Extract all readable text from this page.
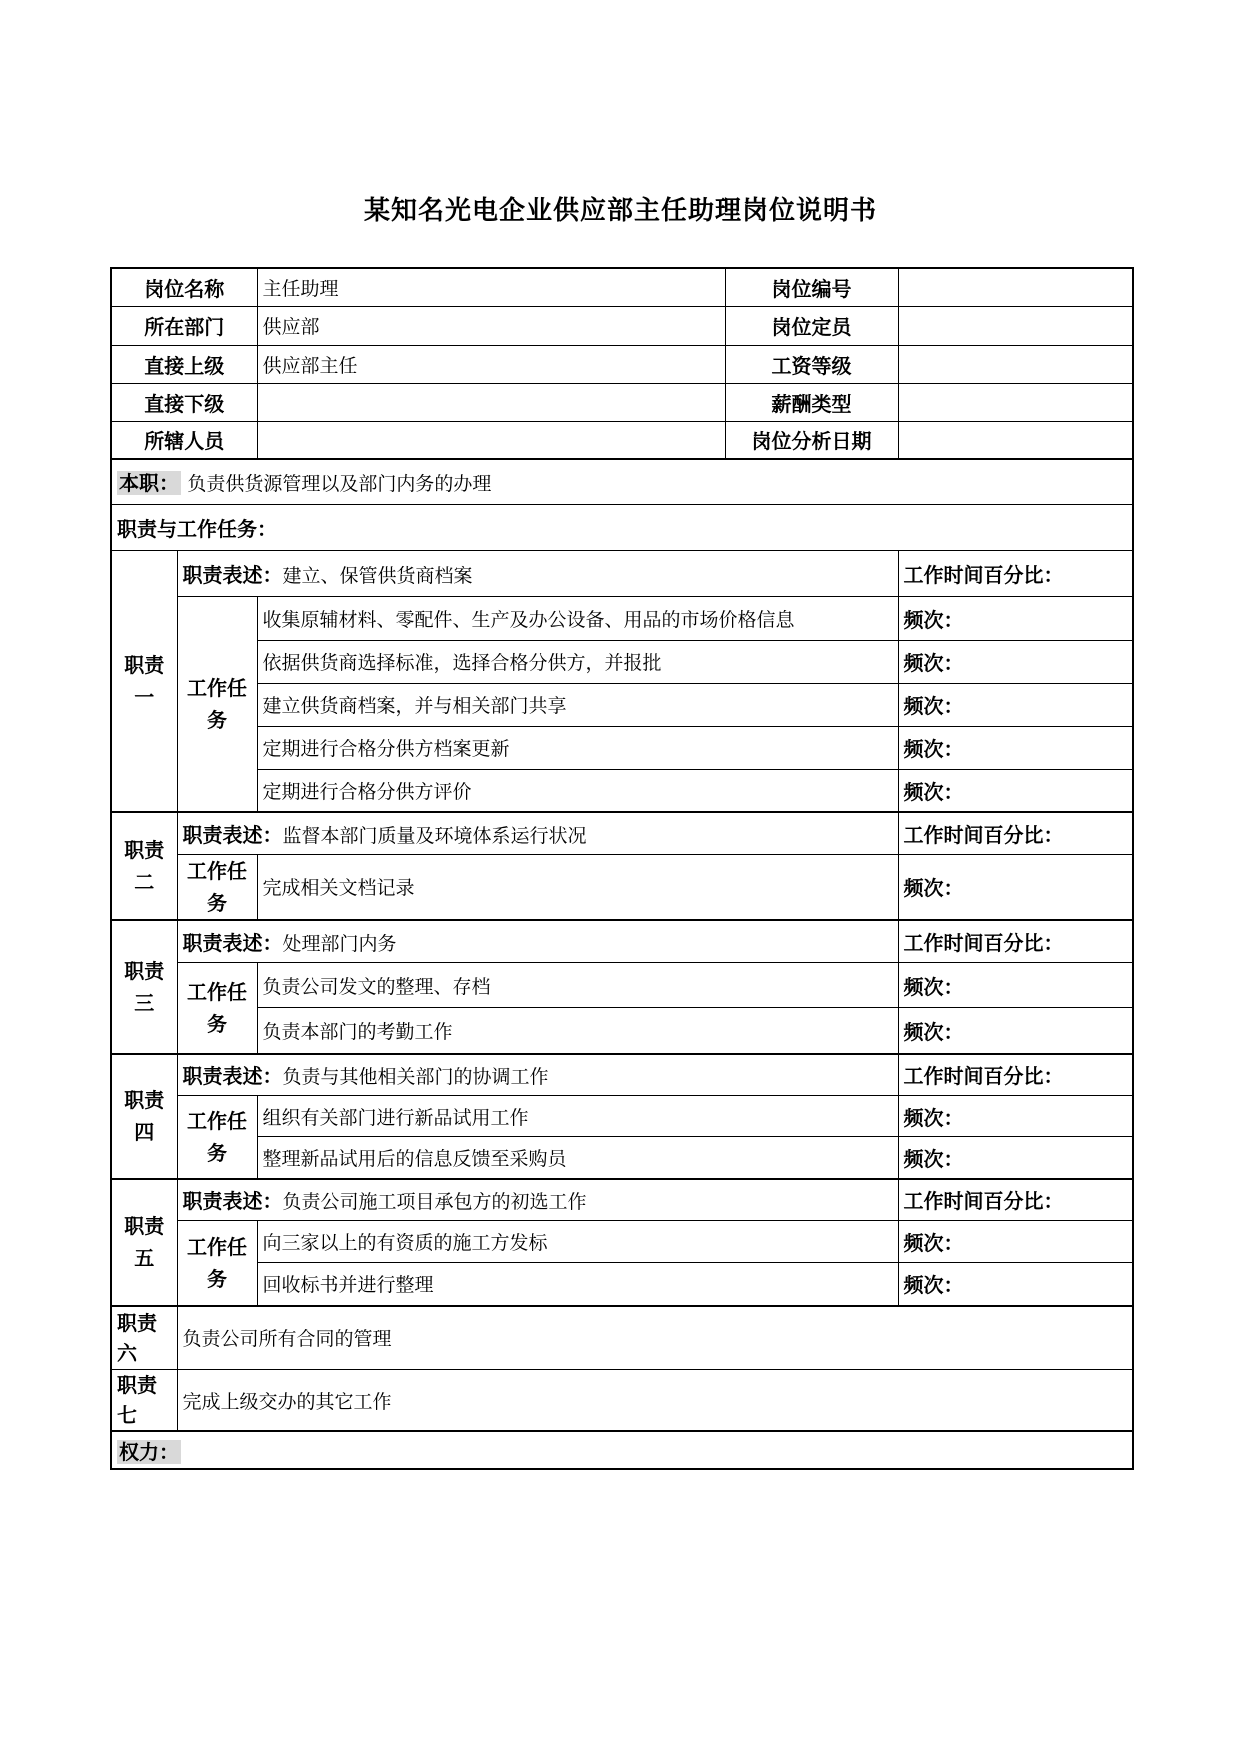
某知名光电企业供应部主任助理岗位说明书
岗位名称		主任助理	岗位编号	
所在部门		供应部	岗位定员	
直接上级		供应部主任	工资等级	
直接下级			薪酬类型	
所辖人员			岗位分析日期	
本职： 负责供货源管理以及部门内务的办理				
职责与工作任务：				
职责一	职责表述：建立、保管供货商档案			工作时间百分比：
	工作任务	收集原辅材料、零配件、生产及办公设备、用品的市场价格信息		频次：
		依据供货商选择标准，选择合格分供方，并报批		频次：
		建立供货商档案，并与相关部门共享		频次：
		定期进行合格分供方档案更新		频次：
		定期进行合格分供方评价		频次：
职责二	职责表述：监督本部门质量及环境体系运行状况			工作时间百分比：
	工作任务	完成相关文档记录		频次：
职责三	职责表述：处理部门内务			工作时间百分比：
	工作任务	负责公司发文的整理、存档		频次：
		负责本部门的考勤工作		频次：
职责四	职责表述：负责与其他相关部门的协调工作			工作时间百分比：
	工作任务	组织有关部门进行新品试用工作		频次：
		整理新品试用后的信息反馈至采购员		频次：
职责五	职责表述：负责公司施工项目承包方的初选工作			工作时间百分比：
	工作任务	向三家以上的有资质的施工方发标		频次：
		回收标书并进行整理		频次：
职责六	负责公司所有合同的管理			
职责七	完成上级交办的其它工作			
权力：				
